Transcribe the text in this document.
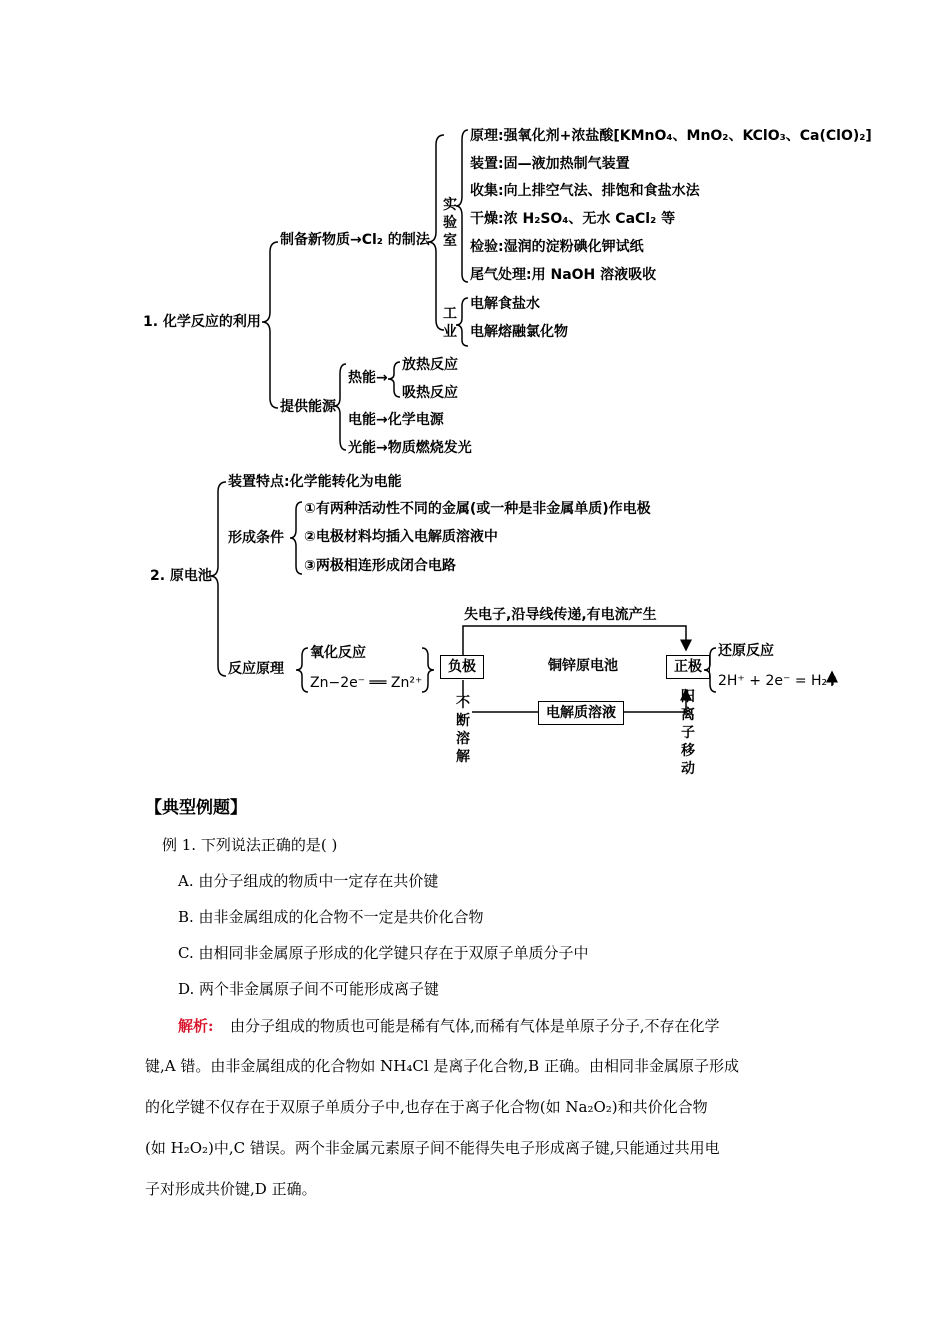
1. 化学反应的利用
制备新物质→Cl₂ 的制法
实验室
原理:强氧化剂+浓盐酸[KMnO₄、MnO₂、KClO₃、Ca(ClO)₂]
装置:固—液加热制气装置
收集:向上排空气法、排饱和食盐水法
干燥:浓 H₂SO₄、无水 CaCl₂ 等
检验:湿润的淀粉碘化钾试纸
尾气处理:用 NaOH 溶液吸收
工业
电解食盐水
电解熔融氯化物
提供能源
热能→
放热反应
吸热反应
电能→化学电源
光能→物质燃烧发光
2. 原电池
装置特点:化学能转化为电能
形成条件
①有两种活动性不同的金属(或一种是非金属单质)作电极
②电极材料均插入电解质溶液中
③两极相连形成闭合电路
反应原理
氧化反应
Zn−2e⁻ ══ Zn²⁺
失电子,沿导线传递,有电流产生
负极	铜锌原电池	正极
还原反应
2H⁺ + 2e⁻ = H₂↑
不断溶解
电解质溶液
阳离子移动
【典型例题】
例 1. 下列说法正确的是( )
A. 由分子组成的物质中一定存在共价键
B. 由非金属组成的化合物不一定是共价化合物
C. 由相同非金属原子形成的化学键只存在于双原子单质分子中
D. 两个非金属原子间不可能形成离子键
解析: 由分子组成的物质也可能是稀有气体,而稀有气体是单原子分子,不存在化学
键,A 错。由非金属组成的化合物如 NH₄Cl 是离子化合物,B 正确。由相同非金属原子形成
的化学键不仅存在于双原子单质分子中,也存在于离子化合物(如 Na₂O₂)和共价化合物
(如 H₂O₂)中,C 错误。两个非金属元素原子间不能得失电子形成离子键,只能通过共用电
子对形成共价键,D 正确。
